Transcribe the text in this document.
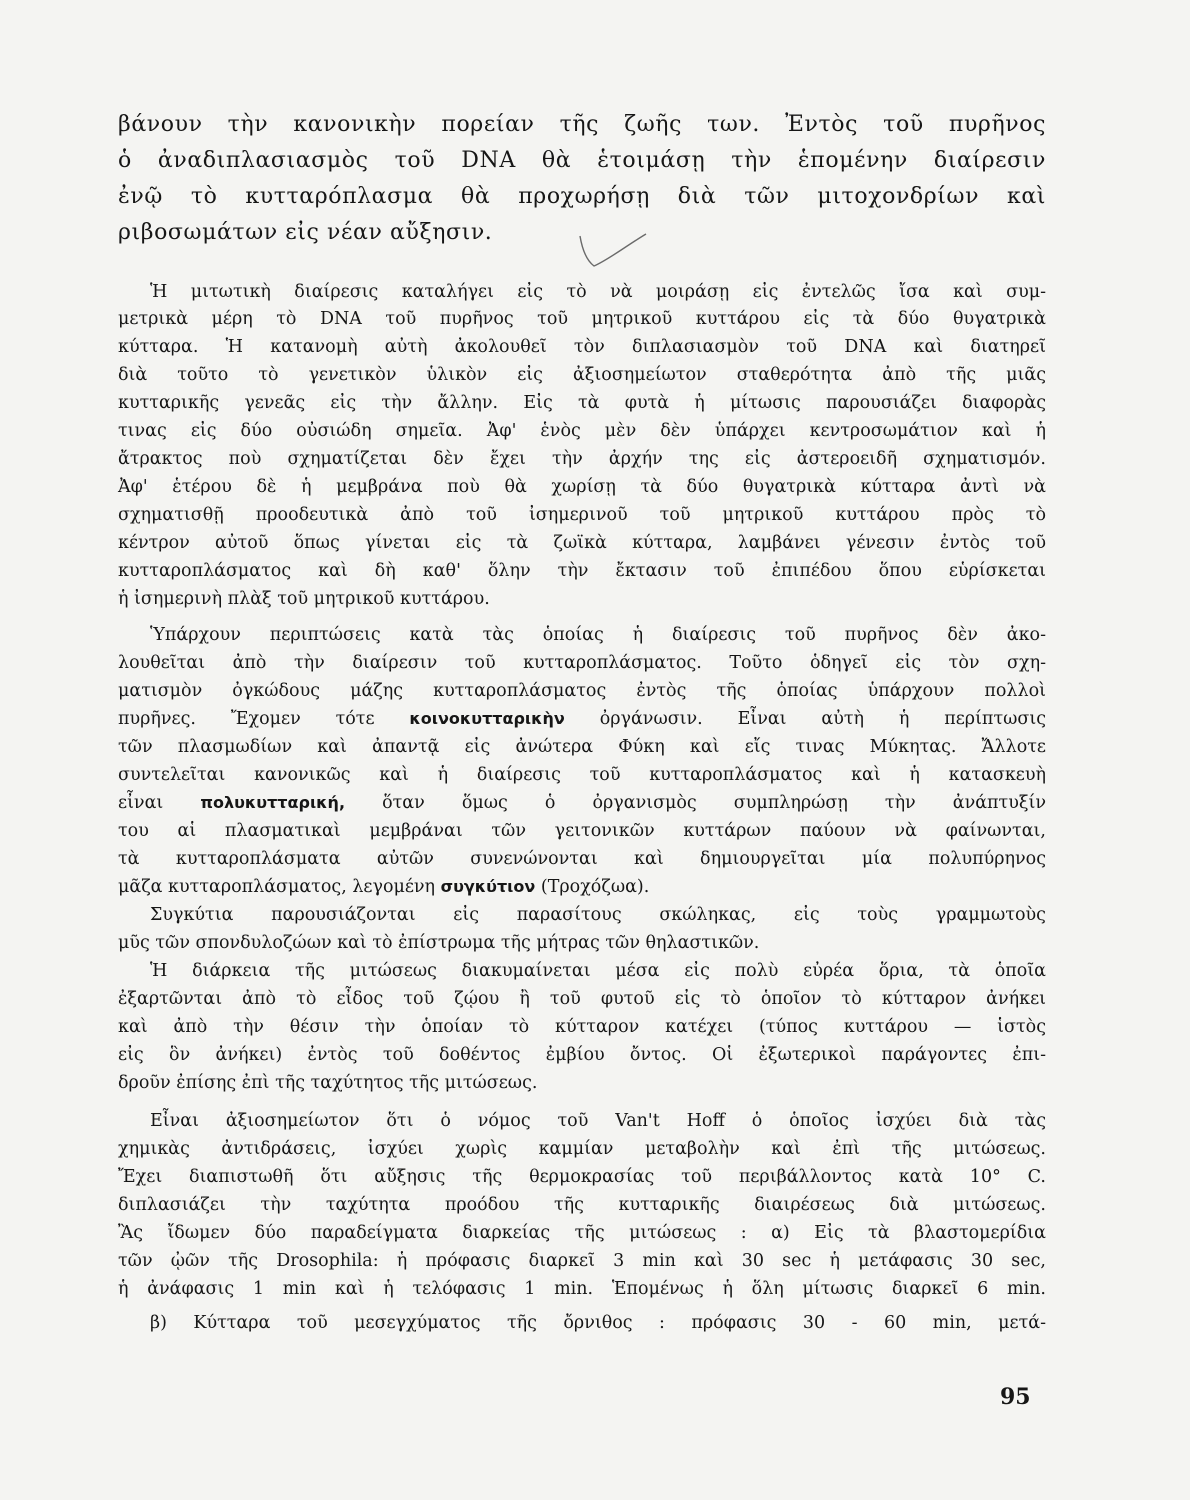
βάνουν τὴν κανονικὴν πορείαν τῆς ζωῆς των. Ἐντὸς τοῦ πυρῆνος

ὁ ἀναδιπλασιασμὸς τοῦ DNA θὰ ἑτοιμάσῃ τὴν ἑπομένην διαίρεσιν

ἐνῷ τὸ κυτταρόπλασμα θὰ προχωρήσῃ διὰ τῶν μιτοχονδρίων καὶ

ριβοσωμάτων εἰς νέαν αὔξησιν.

Ἡ μιτωτικὴ διαίρεσις καταλήγει εἰς τὸ νὰ μοιράσῃ εἰς ἐντελῶς ἴσα καὶ συμ-

μετρικὰ μέρη τὸ DNA τοῦ πυρῆνος τοῦ μητρικοῦ κυττάρου εἰς τὰ δύο θυγατρικὰ

κύτταρα. Ἡ κατανομὴ αὐτὴ ἀκολουθεῖ τὸν διπλασιασμὸν τοῦ DNA καὶ διατηρεῖ

διὰ τοῦτο τὸ γενετικὸν ὑλικὸν εἰς ἀξιοσημείωτον σταθερότητα ἀπὸ τῆς μιᾶς

κυτταρικῆς γενεᾶς εἰς τὴν ἄλλην. Εἰς τὰ φυτὰ ἡ μίτωσις παρουσιάζει διαφορὰς

τινας εἰς δύο οὐσιώδη σημεῖα. Ἀφ' ἑνὸς μὲν δὲν ὑπάρχει κεντροσωμάτιον καὶ ἡ

ἄτρακτος ποὺ σχηματίζεται δὲν ἔχει τὴν ἀρχήν της εἰς ἀστεροειδῆ σχηματισμόν.

Ἀφ' ἑτέρου δὲ ἡ μεμβράνα ποὺ θὰ χωρίσῃ τὰ δύο θυγατρικὰ κύτταρα ἀντὶ νὰ

σχηματισθῇ προοδευτικὰ ἀπὸ τοῦ ἰσημερινοῦ τοῦ μητρικοῦ κυττάρου πρὸς τὸ

κέντρον αὐτοῦ ὅπως γίνεται εἰς τὰ ζωϊκὰ κύτταρα, λαμβάνει γένεσιν ἐντὸς τοῦ

κυτταροπλάσματος καὶ δὴ καθ' ὅλην τὴν ἔκτασιν τοῦ ἐπιπέδου ὅπου εὑρίσκεται

ἡ ἰσημερινὴ πλὰξ τοῦ μητρικοῦ κυττάρου.

Ὑπάρχουν περιπτώσεις κατὰ τὰς ὁποίας ἡ διαίρεσις τοῦ πυρῆνος δὲν ἀκο-

λουθεῖται ἀπὸ τὴν διαίρεσιν τοῦ κυτταροπλάσματος. Τοῦτο ὁδηγεῖ εἰς τὸν σχη-

ματισμὸν ὀγκώδους μάζης κυτταροπλάσματος ἐντὸς τῆς ὁποίας ὑπάρχουν πολλοὶ

πυρῆνες. Ἔχομεν τότε κοινοκυτταρικὴν ὀργάνωσιν. Εἶναι αὐτὴ ἡ περίπτωσις

τῶν πλασμωδίων καὶ ἀπαντᾷ εἰς ἀνώτερα Φύκη καὶ εἴς τινας Μύκητας. Ἄλλοτε

συντελεῖται κανονικῶς καὶ ἡ διαίρεσις τοῦ κυτταροπλάσματος καὶ ἡ κατασκευὴ

εἶναι πολυκυτταρική, ὅταν ὅμως ὁ ὀργανισμὸς συμπληρώσῃ τὴν ἀνάπτυξίν

του αἱ πλασματικαὶ μεμβράναι τῶν γειτονικῶν κυττάρων παύουν νὰ φαίνωνται,

τὰ κυτταροπλάσματα αὐτῶν συνενώνονται καὶ δημιουργεῖται μία πολυπύρηνος

μᾶζα κυτταροπλάσματος, λεγομένη συγκύτιον (Τροχόζωα).

Συγκύτια παρουσιάζονται εἰς παρασίτους σκώληκας, εἰς τοὺς γραμμωτοὺς

μῦς τῶν σπονδυλοζώων καὶ τὸ ἐπίστρωμα τῆς μήτρας τῶν θηλαστικῶν.

Ἡ διάρκεια τῆς μιτώσεως διακυμαίνεται μέσα εἰς πολὺ εὐρέα ὅρια, τὰ ὁποῖα

ἐξαρτῶνται ἀπὸ τὸ εἶδος τοῦ ζῴου ἢ τοῦ φυτοῦ εἰς τὸ ὁποῖον τὸ κύτταρον ἀνήκει

καὶ ἀπὸ τὴν θέσιν τὴν ὁποίαν τὸ κύτταρον κατέχει (τύπος κυττάρου — ἱστὸς

εἰς ὃν ἀνήκει) ἐντὸς τοῦ δοθέντος ἐμβίου ὄντος. Οἱ ἐξωτερικοὶ παράγοντες ἐπι-

δροῦν ἐπίσης ἐπὶ τῆς ταχύτητος τῆς μιτώσεως.

Εἶναι ἀξιοσημείωτον ὅτι ὁ νόμος τοῦ Van't Hoff ὁ ὁποῖος ἰσχύει διὰ τὰς

χημικὰς ἀντιδράσεις, ἰσχύει χωρὶς καμμίαν μεταβολὴν καὶ ἐπὶ τῆς μιτώσεως.

Ἔχει διαπιστωθῆ ὅτι αὔξησις τῆς θερμοκρασίας τοῦ περιβάλλοντος κατὰ 10° C.

διπλασιάζει τὴν ταχύτητα προόδου τῆς κυτταρικῆς διαιρέσεως διὰ μιτώσεως.

Ἂς ἴδωμεν δύο παραδείγματα διαρκείας τῆς μιτώσεως : α) Εἰς τὰ βλαστομερίδια

τῶν ᾠῶν τῆς Drosophila: ἡ πρόφασις διαρκεῖ 3 min καὶ 30 sec ἡ μετάφασις 30 sec,

ἡ ἀνάφασις 1 min καὶ ἡ τελόφασις 1 min. Ἑπομένως ἡ ὅλη μίτωσις διαρκεῖ 6 min.

β) Κύτταρα τοῦ μεσεγχύματος τῆς ὄρνιθος : πρόφασις 30 - 60 min, μετά-

95
